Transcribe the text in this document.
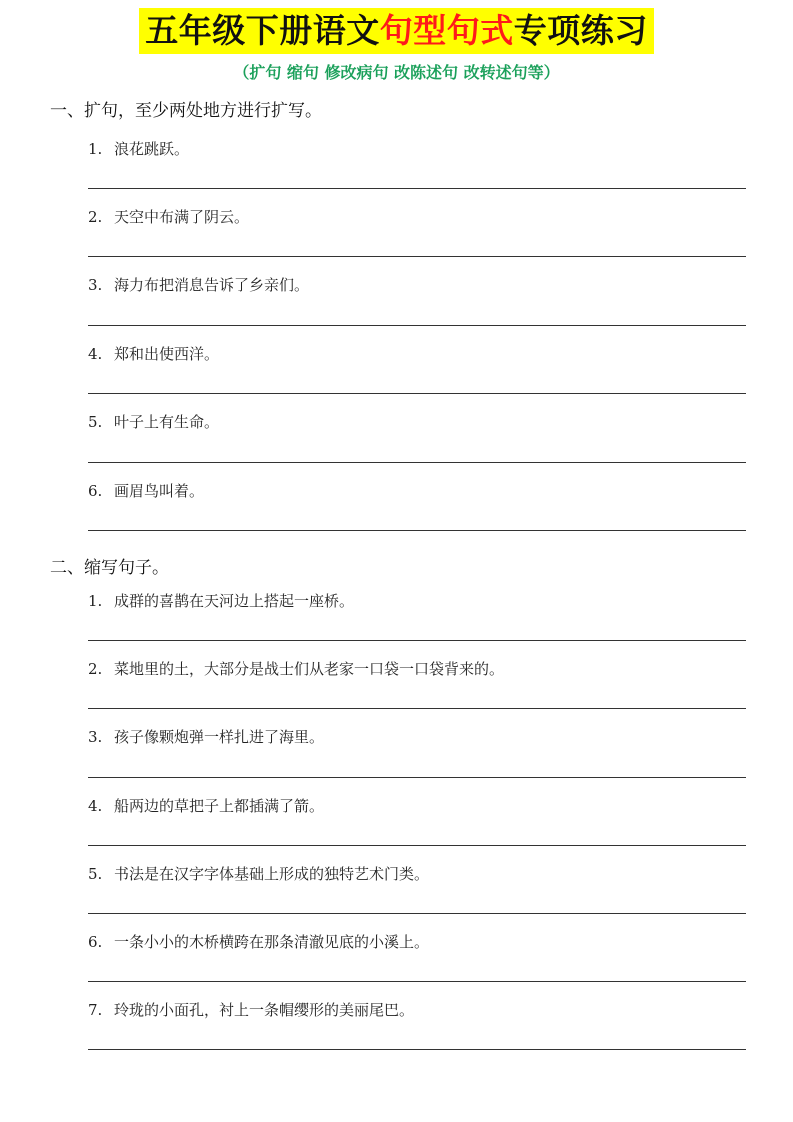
五年级下册语文句型句式专项练习
（扩句 缩句 修改病句 改陈述句 改转述句等）
一、扩句，至少两处地方进行扩写。
1. 浪花跳跃。
2. 天空中布满了阴云。
3. 海力布把消息告诉了乡亲们。
4. 郑和出使西洋。
5. 叶子上有生命。
6. 画眉鸟叫着。
二、缩写句子。
1. 成群的喜鹊在天河边上搭起一座桥。
2. 菜地里的土，大部分是战士们从老家一口袋一口袋背来的。
3. 孩子像颗炮弹一样扎进了海里。
4. 船两边的草把子上都插满了箭。
5. 书法是在汉字字体基础上形成的独特艺术门类。
6. 一条小小的木桥横跨在那条清澈见底的小溪上。
7. 玲珑的小面孔，衬上一条帽缨形的美丽尾巴。
